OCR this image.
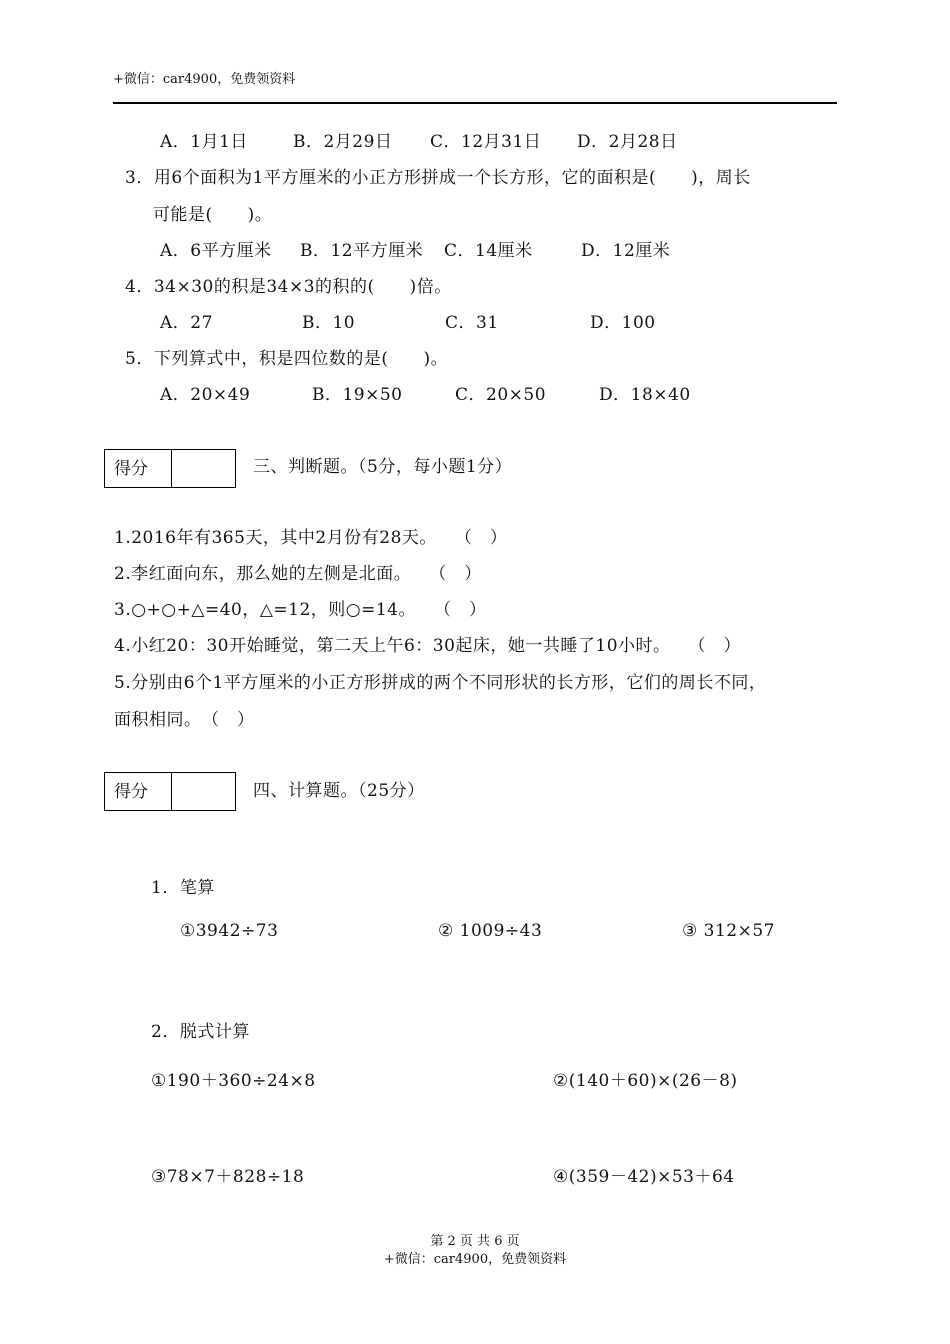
+微信：car4900，免费领资料
A．1月1日	B．2月29日 C．12月31日 D．2月28日
3．用6个面积为1平方厘米的小正方形拼成一个长方形，它的面积是(　　)，周长
可能是(　　)。
A．6平方厘米 B．12平方厘米 C．14厘米	D．12厘米
4．34×30的积是34×3的积的(　　)倍。
A．27	B．10	C．31	D．100
5．下列算式中，积是四位数的是(　　)。
A．20×49	B．19×50	C．20×50	D．18×40
得分	三、判断题。（5分，每小题1分）
1.2016年有365天，其中2月份有28天。　　（　）
2.李红面向东，那么她的左侧是北面。　　（　）
3.○+○+△=40，△=12，则○=14。　　（　）
4.小红20：30开始睡觉，第二天上午6：30起床，她一共睡了10小时。　　（　）
5.分别由6个1平方厘米的小正方形拼成的两个不同形状的长方形，它们的周长不同，
面积相同。　（　）
得分	四、计算题。（25分）
1．笔算
①3942÷73	② 1009÷43	③ 312×57
2．脱式计算
①190＋360÷24×8	②(140＋60)×(26－8)
③78×7＋828÷18	④(359－42)×53＋64
第 2 页 共 6 页
+微信：car4900，免费领资料
